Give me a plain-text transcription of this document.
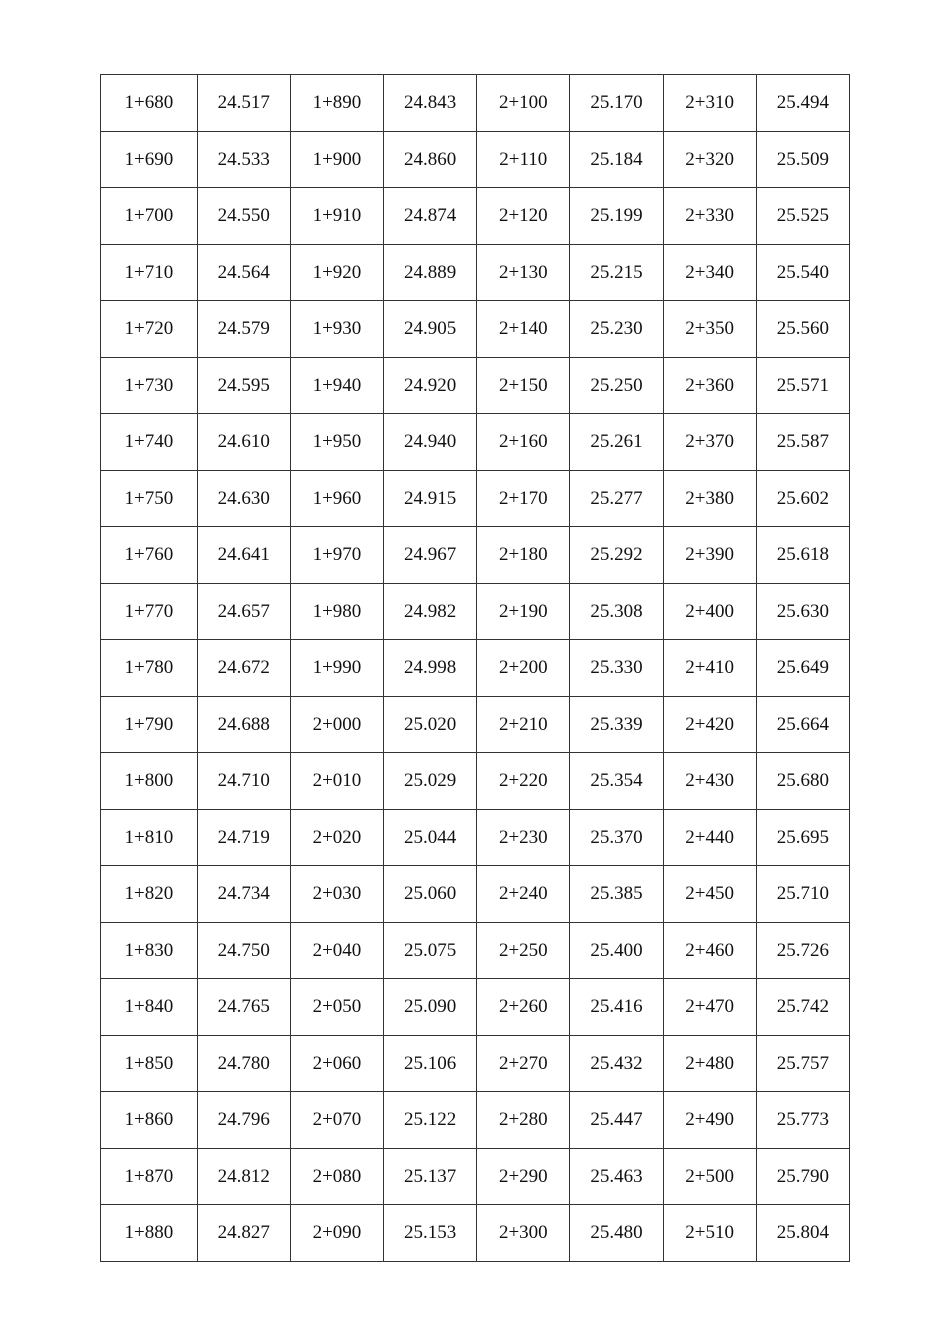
1+680	24.517	1+890	24.843	2+100	25.170	2+310	25.494
1+690	24.533	1+900	24.860	2+110	25.184	2+320	25.509
1+700	24.550	1+910	24.874	2+120	25.199	2+330	25.525
1+710	24.564	1+920	24.889	2+130	25.215	2+340	25.540
1+720	24.579	1+930	24.905	2+140	25.230	2+350	25.560
1+730	24.595	1+940	24.920	2+150	25.250	2+360	25.571
1+740	24.610	1+950	24.940	2+160	25.261	2+370	25.587
1+750	24.630	1+960	24.915	2+170	25.277	2+380	25.602
1+760	24.641	1+970	24.967	2+180	25.292	2+390	25.618
1+770	24.657	1+980	24.982	2+190	25.308	2+400	25.630
1+780	24.672	1+990	24.998	2+200	25.330	2+410	25.649
1+790	24.688	2+000	25.020	2+210	25.339	2+420	25.664
1+800	24.710	2+010	25.029	2+220	25.354	2+430	25.680
1+810	24.719	2+020	25.044	2+230	25.370	2+440	25.695
1+820	24.734	2+030	25.060	2+240	25.385	2+450	25.710
1+830	24.750	2+040	25.075	2+250	25.400	2+460	25.726
1+840	24.765	2+050	25.090	2+260	25.416	2+470	25.742
1+850	24.780	2+060	25.106	2+270	25.432	2+480	25.757
1+860	24.796	2+070	25.122	2+280	25.447	2+490	25.773
1+870	24.812	2+080	25.137	2+290	25.463	2+500	25.790
1+880	24.827	2+090	25.153	2+300	25.480	2+510	25.804
